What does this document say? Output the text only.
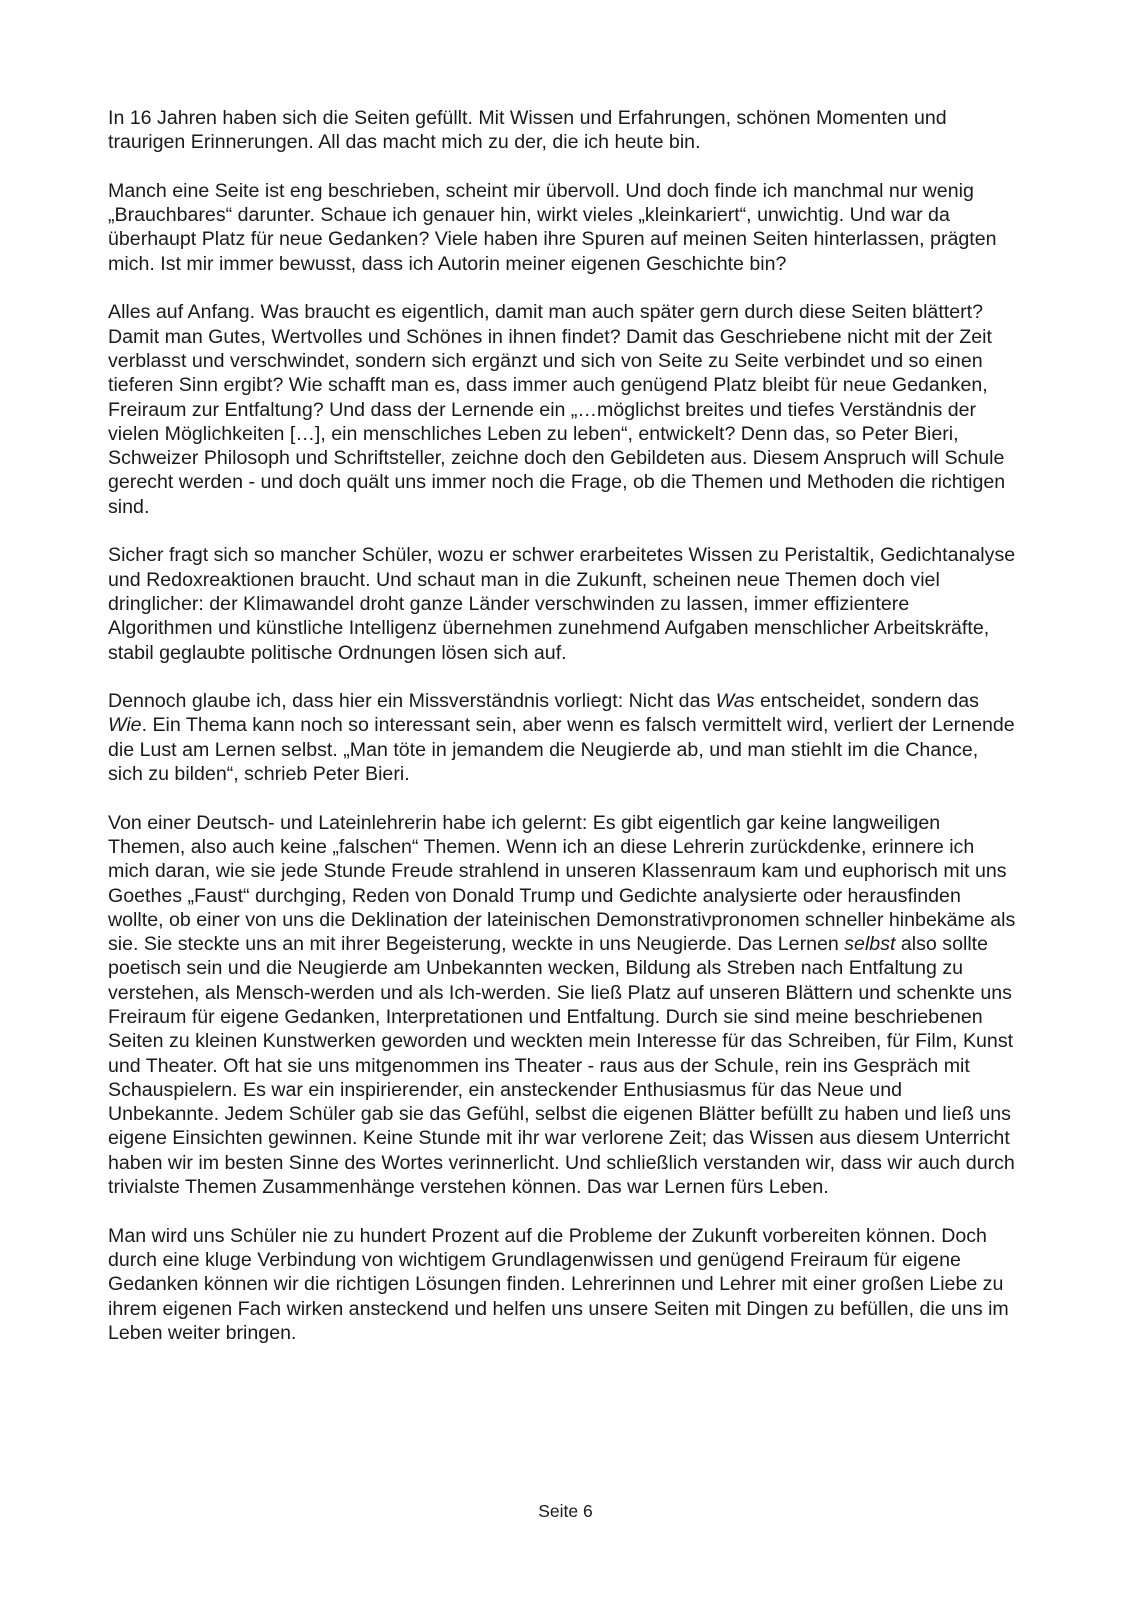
In 16 Jahren haben sich die Seiten gefüllt. Mit Wissen und Erfahrungen, schönen Momenten und traurigen Erinnerungen. All das macht mich zu der, die ich heute bin.

Manch eine Seite ist eng beschrieben, scheint mir übervoll. Und doch finde ich manchmal nur wenig „Brauchbares“ darunter. Schaue ich genauer hin, wirkt vieles „kleinkariert“, unwichtig. Und war da überhaupt Platz für neue Gedanken? Viele haben ihre Spuren auf meinen Seiten hinterlassen, prägten mich. Ist mir immer bewusst, dass ich Autorin meiner eigenen Geschichte bin?

Alles auf Anfang. Was braucht es eigentlich, damit man auch später gern durch diese Seiten blättert? Damit man Gutes, Wertvolles und Schönes in ihnen findet? Damit das Geschriebene nicht mit der Zeit verblasst und verschwindet, sondern sich ergänzt und sich von Seite zu Seite verbindet und so einen tieferen Sinn ergibt? Wie schafft man es, dass immer auch genügend Platz bleibt für neue Gedanken, Freiraum zur Entfaltung? Und dass der Lernende ein „…möglichst breites und tiefes Verständnis der vielen Möglichkeiten […], ein menschliches Leben zu leben“, entwickelt? Denn das, so Peter Bieri, Schweizer Philosoph und Schriftsteller, zeichne doch den Gebildeten aus. Diesem Anspruch will Schule gerecht werden - und doch quält uns immer noch die Frage, ob die Themen und Methoden die richtigen sind.

Sicher fragt sich so mancher Schüler, wozu er schwer erarbeitetes Wissen zu Peristaltik, Gedichtanalyse und Redoxreaktionen braucht. Und schaut man in die Zukunft, scheinen neue Themen doch viel dringlicher: der Klimawandel droht ganze Länder verschwinden zu lassen, immer effizientere Algorithmen und künstliche Intelligenz übernehmen zunehmend Aufgaben menschlicher Arbeitskräfte, stabil geglaubte politische Ordnungen lösen sich auf.

Dennoch glaube ich, dass hier ein Missverständnis vorliegt: Nicht das Was entscheidet, sondern das Wie. Ein Thema kann noch so interessant sein, aber wenn es falsch vermittelt wird, verliert der Lernende die Lust am Lernen selbst. „Man töte in jemandem die Neugierde ab, und man stiehlt im die Chance, sich zu bilden“, schrieb Peter Bieri.

Von einer Deutsch- und Lateinlehrerin habe ich gelernt: Es gibt eigentlich gar keine langweiligen Themen, also auch keine „falschen“ Themen. Wenn ich an diese Lehrerin zurückdenke, erinnere ich mich daran, wie sie jede Stunde Freude strahlend in unseren Klassenraum kam und euphorisch mit uns Goethes „Faust“ durchging, Reden von Donald Trump und Gedichte analysierte oder herausfinden wollte, ob einer von uns die Deklination der lateinischen Demonstrativpronomen schneller hinbekäme als sie. Sie steckte uns an mit ihrer Begeisterung, weckte in uns Neugierde. Das Lernen selbst also sollte poetisch sein und die Neugierde am Unbekannten wecken, Bildung als Streben nach Entfaltung zu verstehen, als Mensch-werden und als Ich-werden. Sie ließ Platz auf unseren Blättern und schenkte uns Freiraum für eigene Gedanken, Interpretationen und Entfaltung. Durch sie sind meine beschriebenen Seiten zu kleinen Kunstwerken geworden und weckten mein Interesse für das Schreiben, für Film, Kunst und Theater. Oft hat sie uns mitgenommen ins Theater - raus aus der Schule, rein ins Gespräch mit Schauspielern. Es war ein inspirierender, ein ansteckender Enthusiasmus für das Neue und Unbekannte. Jedem Schüler gab sie das Gefühl, selbst die eigenen Blätter befüllt zu haben und ließ uns eigene Einsichten gewinnen. Keine Stunde mit ihr war verlorene Zeit; das Wissen aus diesem Unterricht haben wir im besten Sinne des Wortes verinnerlicht. Und schließlich verstanden wir, dass wir auch durch trivialste Themen Zusammenhänge verstehen können. Das war Lernen fürs Leben.

Man wird uns Schüler nie zu hundert Prozent auf die Probleme der Zukunft vorbereiten können. Doch durch eine kluge Verbindung von wichtigem Grundlagenwissen und genügend Freiraum für eigene Gedanken können wir die richtigen Lösungen finden. Lehrerinnen und Lehrer mit einer großen Liebe zu ihrem eigenen Fach wirken ansteckend und helfen uns unsere Seiten mit Dingen zu befüllen, die uns im Leben weiter bringen.

Seite 6
